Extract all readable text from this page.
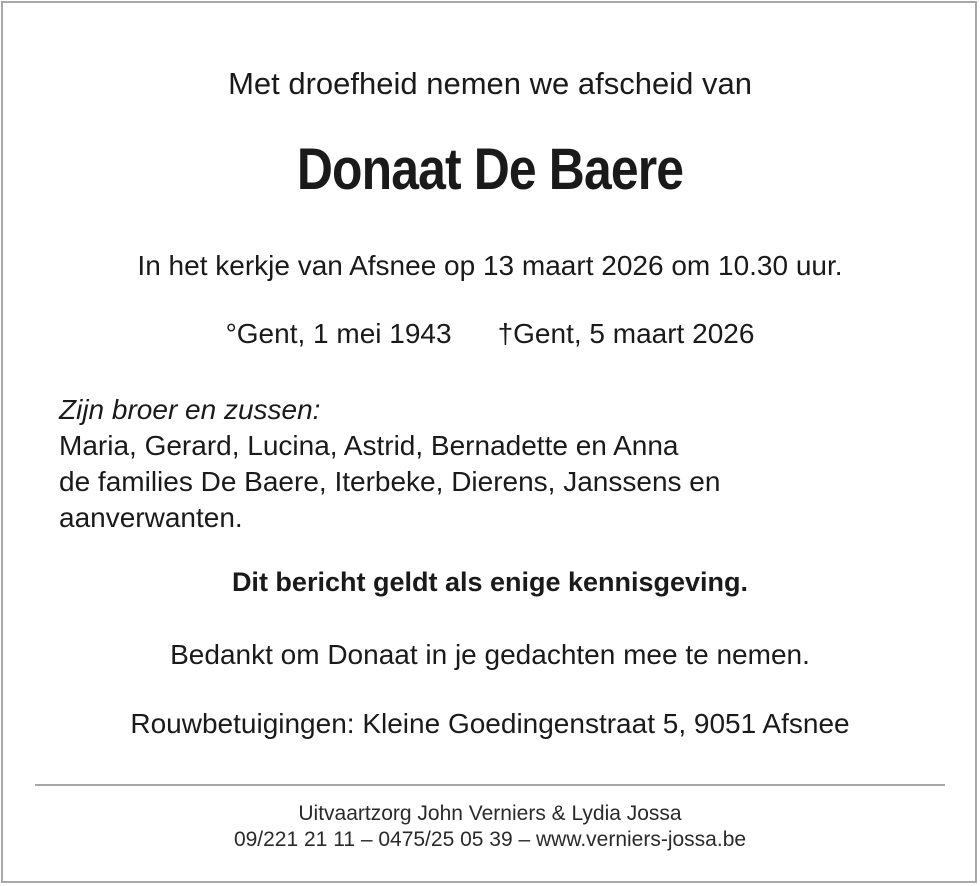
Met droefheid nemen we afscheid van
Donaat De Baere
In het kerkje van Afsnee op 13 maart 2026 om 10.30 uur.
°Gent, 1 mei 1943 †Gent, 5 maart 2026
Zijn broer en zussen:
Maria, Gerard, Lucina, Astrid, Bernadette en Anna
de families De Baere, Iterbeke, Dierens, Janssens en
aanverwanten.
Dit bericht geldt als enige kennisgeving.
Bedankt om Donaat in je gedachten mee te nemen.
Rouwbetuigingen: Kleine Goedingenstraat 5, 9051 Afsnee
Uitvaartzorg John Verniers & Lydia Jossa
09/221 21 11 – 0475/25 05 39 – www.verniers-jossa.be
